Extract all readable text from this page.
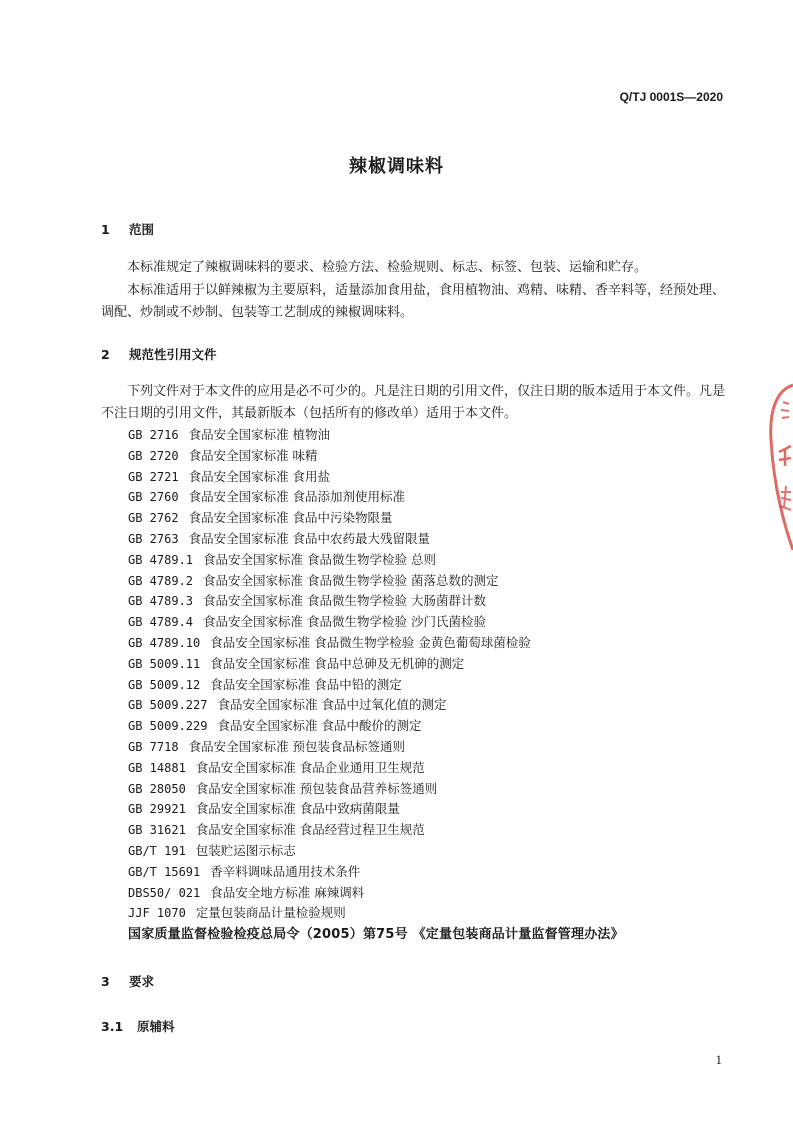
Q/TJ 0001S—2020
辣椒调味料
1 范围
本标准规定了辣椒调味料的要求、检验方法、检验规则、标志、标签、包装、运输和贮存。
本标准适用于以鲜辣椒为主要原料，适量添加食用盐，食用植物油、鸡精、味精、香辛料等，经预处理、调配、炒制或不炒制、包装等工艺制成的辣椒调味料。
2 规范性引用文件
下列文件对于本文件的应用是必不可少的。凡是注日期的引用文件，仅注日期的版本适用于本文件。凡是不注日期的引用文件，其最新版本（包括所有的修改单）适用于本文件。
GB 2716 食品安全国家标准 植物油
GB 2720 食品安全国家标准 味精
GB 2721 食品安全国家标准 食用盐
GB 2760 食品安全国家标准 食品添加剂使用标准
GB 2762 食品安全国家标准 食品中污染物限量
GB 2763 食品安全国家标准 食品中农药最大残留限量
GB 4789.1 食品安全国家标准 食品微生物学检验 总则
GB 4789.2 食品安全国家标准 食品微生物学检验 菌落总数的测定
GB 4789.3 食品安全国家标准 食品微生物学检验 大肠菌群计数
GB 4789.4 食品安全国家标准 食品微生物学检验 沙门氏菌检验
GB 4789.10 食品安全国家标准 食品微生物学检验 金黄色葡萄球菌检验
GB 5009.11 食品安全国家标准 食品中总砷及无机砷的测定
GB 5009.12 食品安全国家标准 食品中铅的测定
GB 5009.227 食品安全国家标准 食品中过氧化值的测定
GB 5009.229 食品安全国家标准 食品中酸价的测定
GB 7718 食品安全国家标准 预包装食品标签通则
GB 14881 食品安全国家标准 食品企业通用卫生规范
GB 28050 食品安全国家标准 预包装食品营养标签通则
GB 29921 食品安全国家标准 食品中致病菌限量
GB 31621 食品安全国家标准 食品经营过程卫生规范
GB/T 191 包装贮运图示标志
GB/T 15691 香辛料调味品通用技术条件
DBS50/ 021 食品安全地方标准 麻辣调料
JJF 1070 定量包装商品计量检验规则
国家质量监督检验检疫总局令（2005）第75号 《定量包装商品计量监督管理办法》
3 要求
3.1 原辅料
1
